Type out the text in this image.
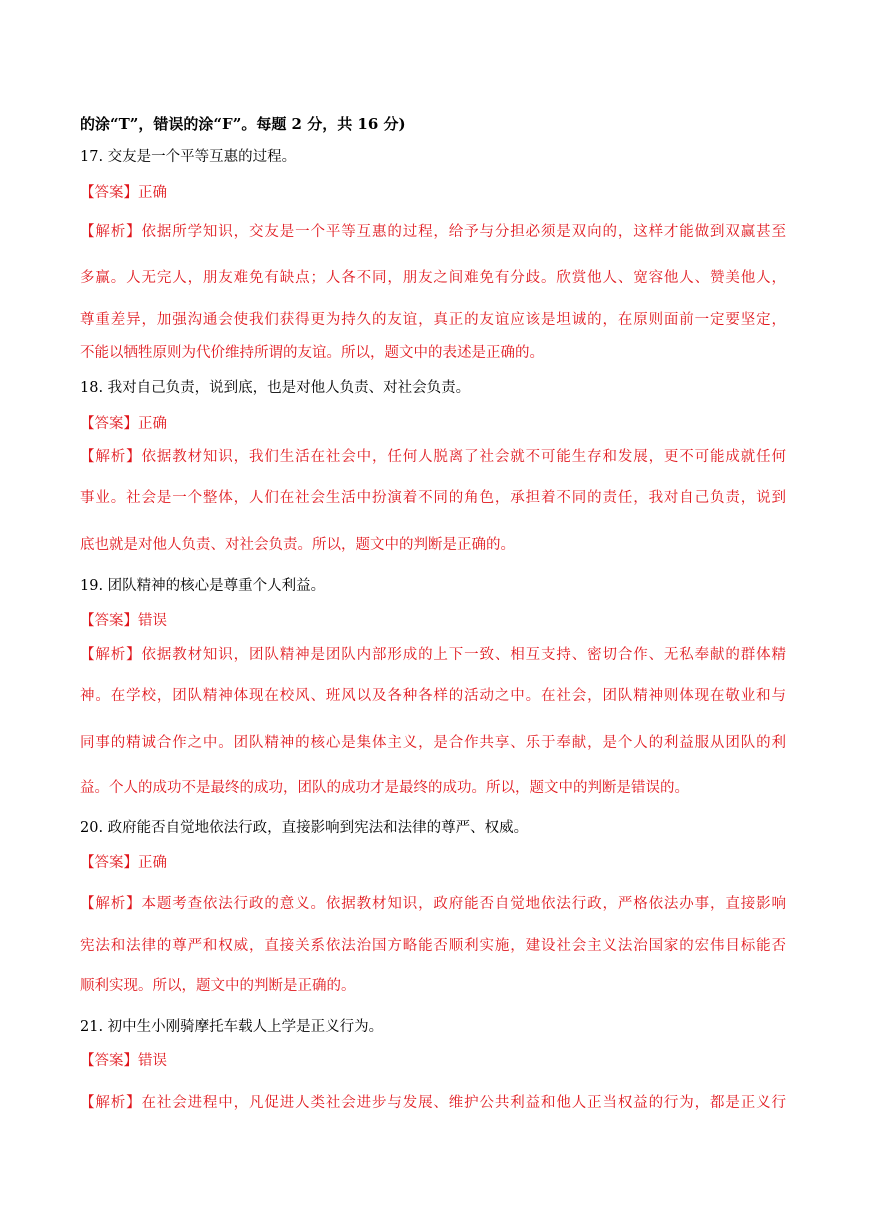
的涂“T”，错误的涂“F”。每题 2 分，共 16 分)
17. 交友是一个平等互惠的过程。
【答案】正确
【解析】依据所学知识，交友是一个平等互惠的过程，给予与分担必须是双向的，这样才能做到双赢甚至
多赢。人无完人，朋友难免有缺点；人各不同，朋友之间难免有分歧。欣赏他人、宽容他人、赞美他人，
尊重差异，加强沟通会使我们获得更为持久的友谊，真正的友谊应该是坦诚的，在原则面前一定要坚定，
不能以牺牲原则为代价维持所谓的友谊。所以，题文中的表述是正确的。
18. 我对自己负责，说到底，也是对他人负责、对社会负责。
【答案】正确
【解析】依据教材知识，我们生活在社会中，任何人脱离了社会就不可能生存和发展，更不可能成就任何
事业。社会是一个整体，人们在社会生活中扮演着不同的角色，承担着不同的责任，我对自己负责，说到
底也就是对他人负责、对社会负责。所以，题文中的判断是正确的。
19. 团队精神的核心是尊重个人利益。
【答案】错误
【解析】依据教材知识，团队精神是团队内部形成的上下一致、相互支持、密切合作、无私奉献的群体精
神。在学校，团队精神体现在校风、班风以及各种各样的活动之中。在社会，团队精神则体现在敬业和与
同事的精诚合作之中。团队精神的核心是集体主义，是合作共享、乐于奉献，是个人的利益服从团队的利
益。个人的成功不是最终的成功，团队的成功才是最终的成功。所以，题文中的判断是错误的。
20. 政府能否自觉地依法行政，直接影响到宪法和法律的尊严、权威。
【答案】正确
【解析】本题考查依法行政的意义。依据教材知识，政府能否自觉地依法行政，严格依法办事，直接影响
宪法和法律的尊严和权威，直接关系依法治国方略能否顺利实施，建设社会主义法治国家的宏伟目标能否
顺利实现。所以，题文中的判断是正确的。
21. 初中生小刚骑摩托车载人上学是正义行为。
【答案】错误
【解析】在社会进程中，凡促进人类社会进步与发展、维护公共利益和他人正当权益的行为，都是正义行
